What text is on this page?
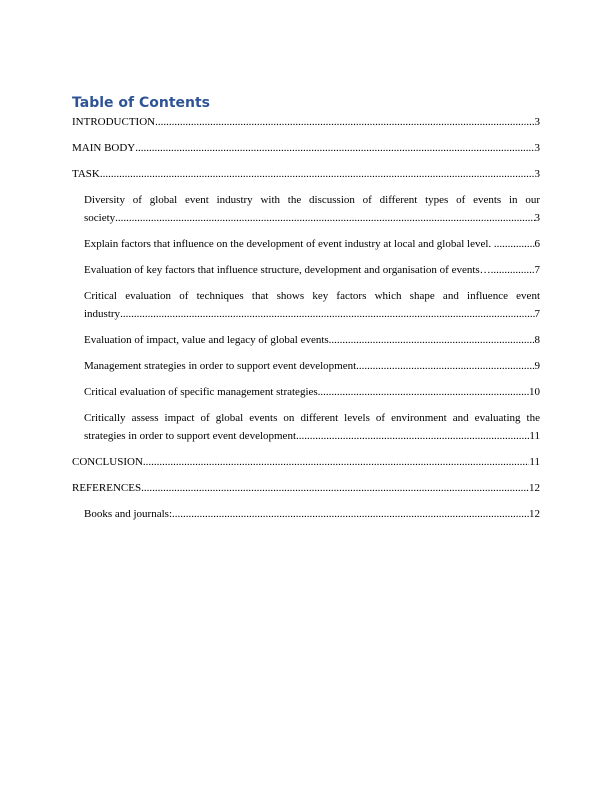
Table of Contents
INTRODUCTION .....	3
MAIN BODY .....	3
TASK .....	3
Diversity of global event industry with the discussion of different types of events in our
society .....	3
Explain factors that influence on the development of event industry at local and global level. . .....	6
Evaluation of key factors that influence structure, development and organisation of events….. .....	7
Critical evaluation of techniques that shows key factors which shape and influence event
industry .....	7
Evaluation of impact, value and legacy of global events .....	8
Management strategies in order to support event development .....	9
Critical evaluation of specific management strategies .....	10
Critically assess impact of global events on different levels of environment and evaluating the
strategies in order to support event development .....	11
CONCLUSION .....	11
REFERENCES .....	12
Books and journals: .....	12
